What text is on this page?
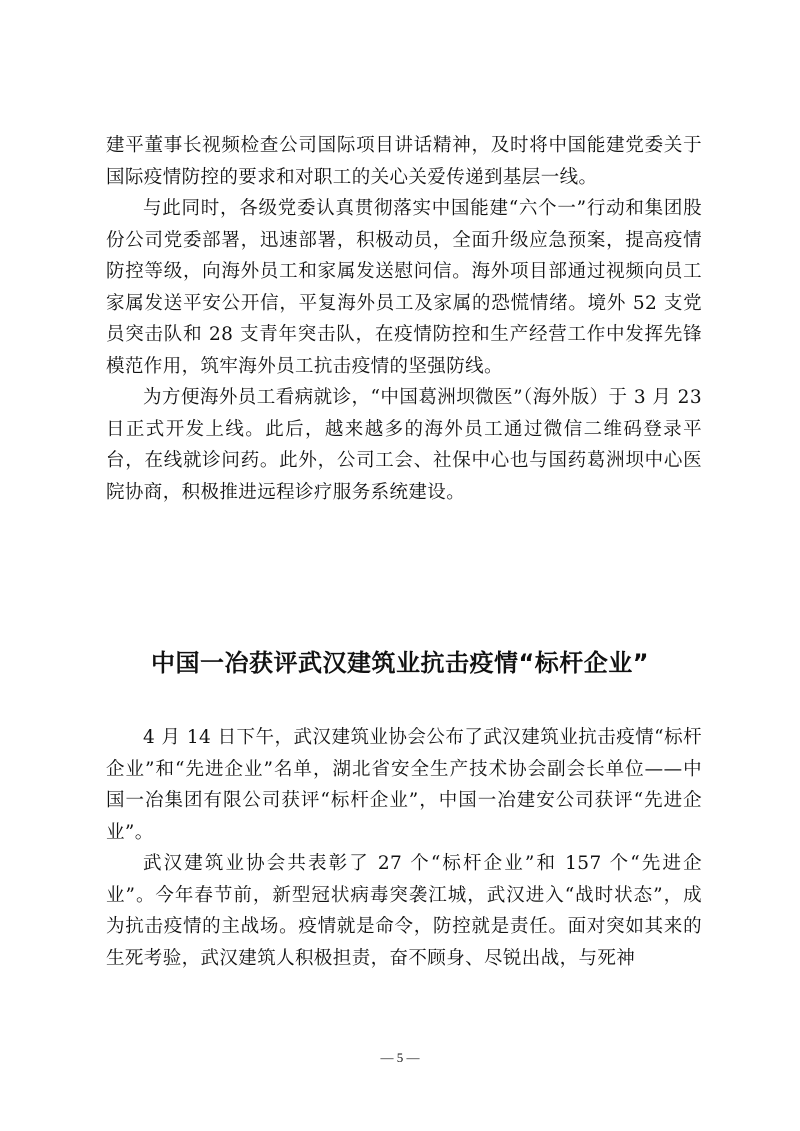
建平董事长视频检查公司国际项目讲话精神，及时将中国能建党委关于国际疫情防控的要求和对职工的关心关爱传递到基层一线。

与此同时，各级党委认真贯彻落实中国能建“六个一”行动和集团股份公司党委部署，迅速部署，积极动员，全面升级应急预案，提高疫情防控等级，向海外员工和家属发送慰问信。海外项目部通过视频向员工家属发送平安公开信，平复海外员工及家属的恐慌情绪。境外 52 支党员突击队和 28 支青年突击队，在疫情防控和生产经营工作中发挥先锋模范作用，筑牢海外员工抗击疫情的坚强防线。

为方便海外员工看病就诊，“中国葛洲坝微医”（海外版）于 3 月 23 日正式开发上线。此后，越来越多的海外员工通过微信二维码登录平台，在线就诊问药。此外，公司工会、社保中心也与国药葛洲坝中心医院协商，积极推进远程诊疗服务系统建设。

中国一冶获评武汉建筑业抗击疫情“标杆企业”

4 月 14 日下午，武汉建筑业协会公布了武汉建筑业抗击疫情“标杆企业”和“先进企业”名单，湖北省安全生产技术协会副会长单位——中国一冶集团有限公司获评“标杆企业”，中国一冶建安公司获评“先进企业”。

武汉建筑业协会共表彰了 27 个“标杆企业”和 157 个“先进企业”。今年春节前，新型冠状病毒突袭江城，武汉进入“战时状态”，成为抗击疫情的主战场。疫情就是命令，防控就是责任。面对突如其来的生死考验，武汉建筑人积极担责，奋不顾身、尽锐出战，与死神

— 5 —
